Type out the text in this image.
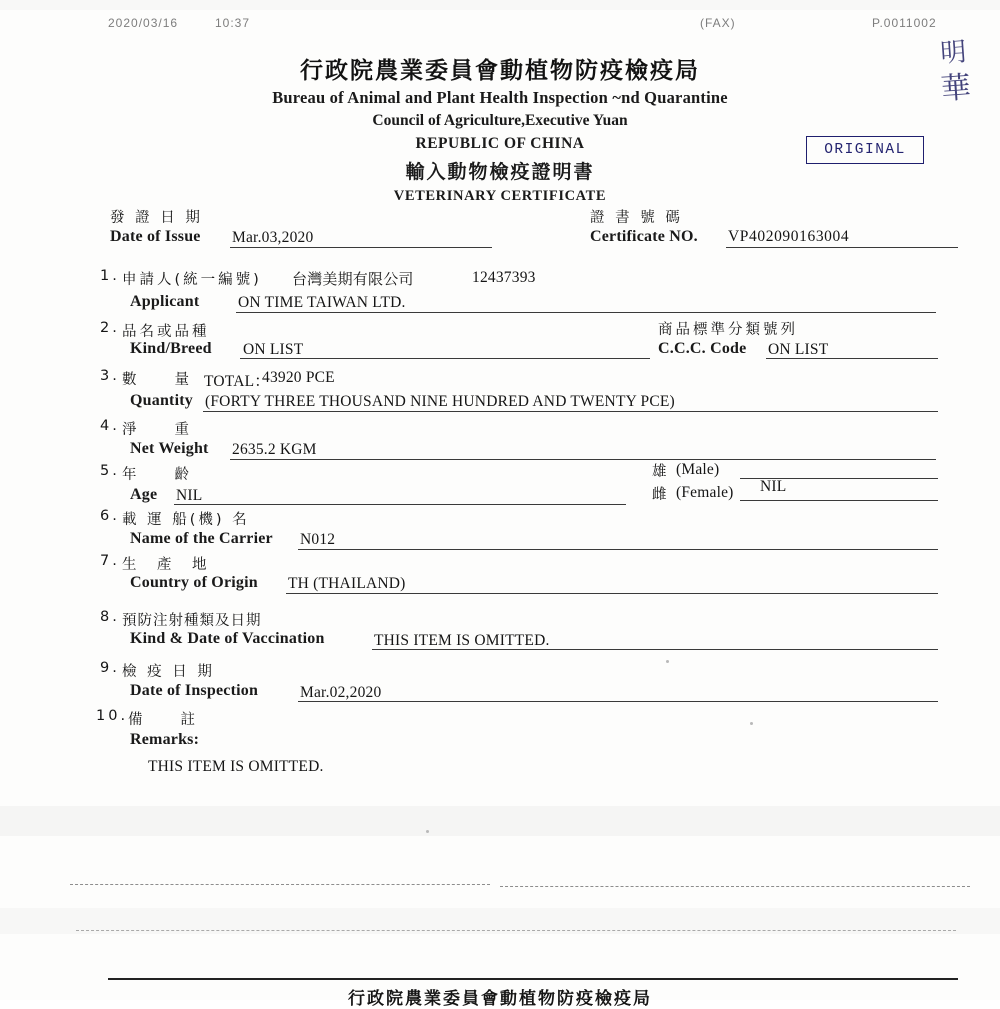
2020/03/16	10:37	(FAX)	P.0011002
行政院農業委員會動植物防疫檢疫局
Bureau of Animal and Plant Health Inspection ~nd Quarantine
Council of Agriculture,Executive Yuan
REPUBLIC OF CHINA
輸入動物檢疫證明書
VETERINARY CERTIFICATE
ORIGINAL
明
華
發 證 日 期
Date of Issue Mar.03,2020
證 書 號 碼
Certificate NO. VP402090163004
1. 申請人(統一編號) 台灣美期有限公司	12437393
Applicant ON TIME TAIWAN LTD.
2. 品名或品種	商品標準分類號列
Kind/Breed ON LIST	C.C.C. Code ON LIST
3. 數　　量 TOTAL：
43920 PCE
Quantity (FORTY THREE THOUSAND NINE HUNDRED AND TWENTY PCE)
4. 淨　　重
Net Weight 2635.2 KGM
5. 年　　齡
Age NIL
雄 (Male)
雌 (Female) NIL
6. 載 運 船(機) 名
Name of the Carrier N012
7. 生　產　地
Country of Origin TH (THAILAND)
8. 預防注射種類及日期
Kind & Date of Vaccination	THIS ITEM IS OMITTED.
9. 檢 疫 日 期
Date of Inspection	Mar.02,2020
10. 備　　註
Remarks:
THIS ITEM IS OMITTED.
行政院農業委員會動植物防疫檢疫局
